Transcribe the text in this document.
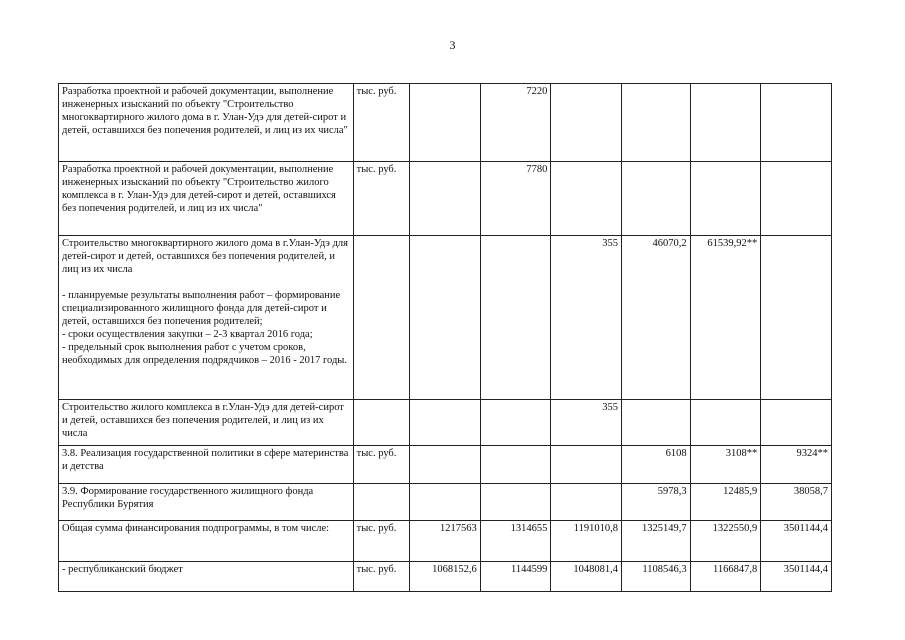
3
Разработка проектной и рабочей документации, выполнение инженерных изысканий по объекту "Строительство многоквартирного жилого дома в г. Улан-Удэ для детей-сирот и детей, оставшихся без попечения родителей, и лиц из их числа"	тыс. руб.		7220				
Разработка проектной и рабочей документации, выполнение инженерных изысканий по объекту "Строительство жилого комплекса в г. Улан-Удэ для детей-сирот и детей, оставшихся без попечения родителей, и лиц из их числа"	тыс. руб.		7780				
Строительство многоквартирного жилого дома в г.Улан-Удэ для детей-сирот и детей, оставшихся без попечения родителей, и лиц из их числа

- планируемые результаты выполнения работ – формирование специализированного жилищного фонда для детей-сирот и детей, оставшихся без попечения родителей;
- сроки осуществления закупки – 2-3 квартал 2016 года;
- предельный срок выполнения работ с учетом сроков, необходимых для определения подрядчиков – 2016 - 2017 годы.				355	46070,2	61539,92**	
Строительство жилого комплекса в г.Улан-Удэ для детей-сирот и детей, оставшихся без попечения родителей, и лиц из их числа				355			
3.8. Реализация государственной политики в сфере материнства и детства	тыс. руб.				6108	3108**	9324**
3.9. Формирование государственного жилищного фонда Республики Бурятия					5978,3	12485,9	38058,7
Общая сумма финансирования подпрограммы, в том числе:	тыс. руб.	1217563	1314655	1191010,8	1325149,7	1322550,9	3501144,4
- республиканский бюджет	тыс. руб.	1068152,6	1144599	1048081,4	1108546,3	1166847,8	3501144,4
